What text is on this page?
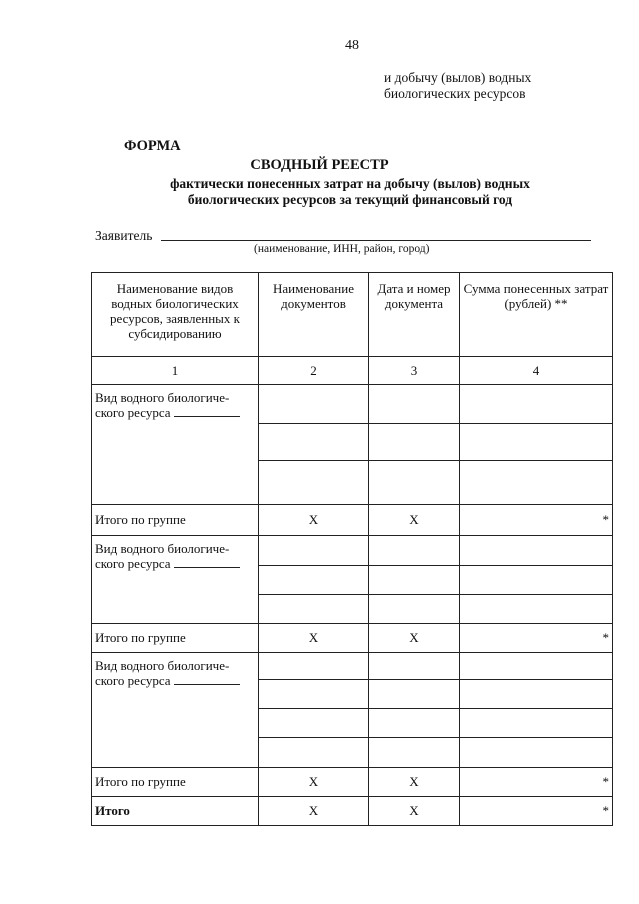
48
и добычу (вылов) водных
биологических ресурсов
ФОРМА
СВОДНЫЙ РЕЕСТР
фактически понесенных затрат на добычу (вылов) водных
биологических ресурсов за текущий финансовый год
Заявитель
(наименование, ИНН, район, город)
Наименование видов водных биологических ресурсов, заявленных к субсидированию	Наименование документов	Дата и номер документа	Сумма понесенных затрат (рублей) **
1	2	3	4

Вид водного биологиче-
ского ресурса			

Итого по группе	X	X	*

Вид водного биологиче-
ского ресурса			

Итого по группе	X	X	*

Вид водного биологиче-
ского ресурса			

Итого по группе	X	X	*
Итого	X	X	*
